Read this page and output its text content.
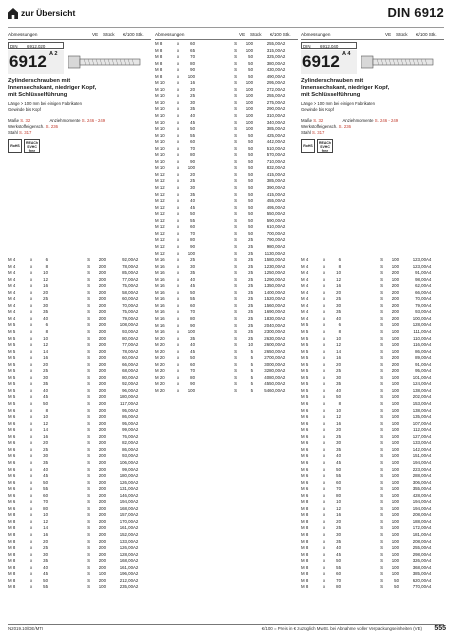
zur Übersicht	DIN 6912
Abmessungen	VE Stück €/100 Stk.
DIN 6912.020
6912 A 2
Zylinderschrauben mit
Innensechskant, niedriger Kopf,
mit Schlüsselführung
Länge > 100 mm bei einigen Fabrikaten
Gewinde bis Kopf
Maße S. 32	Anziehmomente S. 246 - 249
Werkstoffeigensch. S. 236
Stahl S. 317
RoHS
REACh
SVHC
free
M 4	x	6	S	200	92,00	A2
M 4	x	8	S	200	78,00	A2
M 4	x	10	S	200	85,00	A2
M 4	x	12	S	200	77,00	A2
M 4	x	16	S	200	75,00	A2
M 4	x	20	S	200	58,00	A2
M 4	x	25	S	200	60,00	A2
M 4	x	30	S	200	70,00	A2
M 4	x	35	S	200	75,00	A2
M 4	x	40	S	200	79,00	A2
M 5	x	6	S	200	108,00	A2
M 5	x	8	S	200	93,00	A2
M 5	x	10	S	200	80,00	A2
M 5	x	12	S	200	77,00	A2
M 5	x	14	S	200	78,00	A2
M 5	x	16	S	200	60,00	A2
M 5	x	20	S	200	66,00	A2
M 5	x	25	S	200	68,00	A2
M 5	x	30	S	200	80,00	A2
M 5	x	35	S	200	92,00	A2
M 5	x	40	S	200	96,00	A2
M 5	x	45	S	200	180,00	A2
M 5	x	50	S	200	117,00	A2
M 6	x	8	S	200	95,00	A2
M 6	x	10	S	200	86,00	A2
M 6	x	12	S	200	95,00	A2
M 6	x	14	S	200	99,00	A2
M 6	x	16	S	200	76,00	A2
M 6	x	20	S	200	82,00	A2
M 6	x	25	S	200	86,00	A2
M 6	x	30	S	200	93,00	A2
M 6	x	35	S	200	106,00	A2
M 6	x	40	S	200	99,00	A2
M 6	x	45	S	200	180,00	A2
M 6	x	50	S	200	126,00	A2
M 6	x	55	S	200	131,00	A2
M 6	x	60	S	200	146,00	A2
M 6	x	70	S	200	194,00	A2
M 6	x	80	S	200	168,00	A2
M 8	x	10	S	200	157,00	A2
M 8	x	12	S	200	170,00	A2
M 8	x	14	S	200	161,00	A2
M 8	x	16	S	200	152,00	A2
M 8	x	20	S	200	133,00	A2
M 8	x	25	S	200	126,00	A2
M 8	x	30	S	200	128,00	A2
M 8	x	35	S	200	168,00	A2
M 8	x	40	S	200	161,00	A2
M 8	x	45	S	100	196,00	A2
M 8	x	50	S	200	212,00	A2
M 8	x	55	S	100	235,00	A2
Abmessungen	VE Stück €/100 Stk.
M 8	x	60	S	100	255,00	A2
M 8	x	65	S	100	315,00	A2
M 8	x	70	S	50	325,00	A2
M 8	x	80	S	50	380,00	A2
M 8	x	90	S	50	430,00	A2
M 8	x	100	S	50	490,00	A2
M 10	x	16	S	100	295,00	A2
M 10	x	20	S	100	272,00	A2
M 10	x	25	S	100	255,00	A2
M 10	x	30	S	100	275,00	A2
M 10	x	35	S	100	290,00	A2
M 10	x	40	S	100	310,00	A2
M 10	x	45	S	100	340,00	A2
M 10	x	50	S	100	385,00	A2
M 10	x	55	S	50	425,00	A2
M 10	x	60	S	50	442,00	A2
M 10	x	70	S	50	510,00	A2
M 10	x	80	S	50	570,00	A2
M 10	x	90	S	50	710,00	A2
M 10	x	100	S	50	832,00	A2
M 12	x	20	S	50	415,00	A2
M 12	x	25	S	50	385,00	A2
M 12	x	30	S	50	390,00	A2
M 12	x	35	S	50	415,00	A2
M 12	x	40	S	50	455,00	A2
M 12	x	45	S	50	495,00	A2
M 12	x	50	S	50	550,00	A2
M 12	x	55	S	50	590,00	A2
M 12	x	60	S	50	610,00	A2
M 12	x	70	S	50	700,00	A2
M 12	x	80	S	25	790,00	A2
M 12	x	90	S	25	980,00	A2
M 12	x	100	S	25	1130,00	A2
M 16	x	25	S	25	1580,00	A2
M 16	x	30	S	25	1230,00	A2
M 16	x	35	S	25	1250,00	A2
M 16	x	40	S	25	1290,00	A2
M 16	x	45	S	25	1350,00	A2
M 16	x	50	S	25	1400,00	A2
M 16	x	55	S	25	1520,00	A2
M 16	x	60	S	25	1560,00	A2
M 16	x	70	S	25	1690,00	A2
M 16	x	80	S	25	1830,00	A2
M 16	x	90	S	25	2040,00	A2
M 16	x	100	S	25	2300,00	A2
M 20	x	35	S	25	2630,00	A2
M 20	x	40	S	10	2600,00	A2
M 20	x	45	S	5	2650,00	A2
M 20	x	50	S	5	2700,00	A2
M 20	x	60	S	5	3000,00	A2
M 20	x	70	S	5	3280,00	A2
M 20	x	80	S	5	4080,00	A2
M 20	x	90	S	5	4550,00	A2
M 20	x	100	S	5	5460,00	A2
Abmessungen	VE Stück €/100 Stk.
DIN 6912.040
6912 A 4
Zylinderschrauben mit
Innensechskant, niedriger Kopf,
mit Schlüsselführung
Länge > 100 mm bei einigen Fabrikaten
Gewinde bis Kopf
Maße S. 32	Anziehmomente S. 246 - 249
Werkstoffeigensch. S. 236
Stahl S. 317
RoHS
REACh
SVHC
free
M 4	x	6	S	100	123,00	A4
M 4	x	8	S	100	123,00	A4
M 4	x	10	S	200	91,00	A4
M 4	x	12	S	100	98,00	A4
M 4	x	16	S	200	62,00	A4
M 4	x	20	S	200	66,00	A4
M 4	x	25	S	200	70,00	A4
M 4	x	30	S	200	79,00	A4
M 4	x	35	S	200	93,00	A4
M 4	x	40	S	200	100,00	A4
M 5	x	6	S	100	128,00	A4
M 5	x	8	S	100	111,00	A4
M 5	x	10	S	100	110,00	A4
M 5	x	12	S	100	116,00	A4
M 5	x	14	S	100	86,00	A4
M 5	x	16	S	200	89,00	A4
M 5	x	20	S	200	91,00	A4
M 5	x	25	S	200	95,00	A4
M 5	x	30	S	100	101,00	A4
M 5	x	35	S	100	124,00	A4
M 5	x	40	S	100	138,00	A4
M 5	x	50	S	100	202,00	A4
M 6	x	8	S	100	153,00	A4
M 6	x	10	S	100	138,00	A4
M 6	x	12	S	100	135,00	A4
M 6	x	16	S	100	107,00	A4
M 6	x	20	S	100	112,00	A4
M 6	x	25	S	100	127,00	A4
M 6	x	30	S	100	133,00	A4
M 6	x	35	S	100	142,00	A4
M 6	x	40	S	100	151,00	A4
M 6	x	45	S	100	194,00	A4
M 6	x	50	S	100	223,00	A4
M 6	x	55	S	100	288,00	A4
M 6	x	60	S	100	306,00	A4
M 6	x	70	S	100	355,00	A4
M 6	x	80	S	100	428,00	A4
M 8	x	10	S	100	194,00	A4
M 8	x	12	S	100	194,00	A4
M 8	x	16	S	100	208,00	A4
M 8	x	20	S	100	188,00	A4
M 8	x	25	S	100	172,00	A4
M 8	x	30	S	100	181,00	A4
M 8	x	35	S	100	208,00	A4
M 8	x	40	S	100	255,00	A4
M 8	x	45	S	100	298,00	A4
M 8	x	50	S	100	326,00	A4
M 8	x	55	S	100	368,00	A4
M 8	x	60	S	100	385,00	A4
M 8	x	70	S	50	620,00	A4
M 8	x	80	S	50	770,00	A4
N2019.10/DE/MTI	€/100 = Preis in € zuzüglich MwSt. bei Abnahme voller Verpackungseinheiten (VE) 555
